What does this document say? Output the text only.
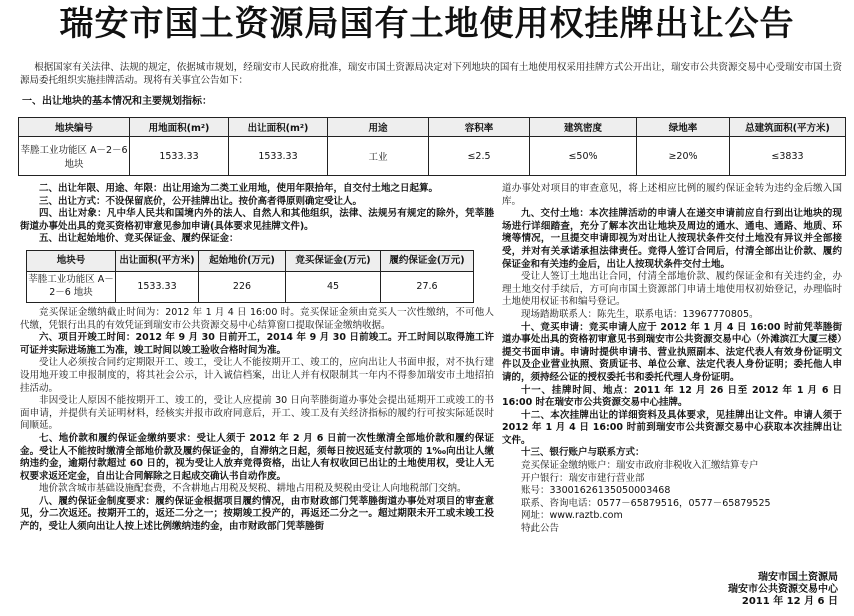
瑞安市国土资源局国有土地使用权挂牌出让公告
根据国家有关法律、法规的规定，依据城市规划，经瑞安市人民政府批准，瑞安市国土资源局决定对下列地块的国有土地使用权采用挂牌方式公开出让，瑞安市公共资源交易中心受瑞安市国土资源局委托组织实施挂牌活动。现将有关事宜公告如下：
一、出让地块的基本情况和主要规划指标：
地块编号	用地面积(m²)	出让面积(m²)	用途	容积率	建筑密度	绿地率	总建筑面积(平方米)
莘塍工业功能区 A－2－6 地块	1533.33	1533.33	工业	≤2.5	≤50%	≥20%	≤3833

二、出让年限、用途、年限：出让用途为二类工业用地，使用年限拾年，自交付土地之日起算。

三、出让方式：不设保留底价，公开挂牌出让。按价高者得原则确定受让人。

四、出让对象：凡中华人民共和国境内外的法人、自然人和其他组织，法律、法规另有规定的除外，凭莘塍街道办事处出具的竞买资格初审意见参加申请(具体要求见挂牌文件)。

五、出让起始地价、竞买保证金、履约保证金：

地块号	出让面积(平方米)	起始地价(万元)	竞买保证金(万元)	履约保证金(万元)
莘塍工业功能区 A－2－6 地块	1533.33	226	45	27.6

竞买保证金缴纳截止时间为：2012 年 1 月 4 日 16:00 时。竞买保证金须由竞买人一次性缴纳，不可他人代缴，凭银行出具的有效凭证到瑞安市公共资源交易中心结算窗口提取保证金缴纳收据。

六、项目开竣工时间：2012 年 9 月 30 日前开工，2014 年 9 月 30 日前竣工。开工时间以取得施工许可证并实际进场施工为准，竣工时间以竣工验收合格时间为准。

受让人必须按合同约定期限开工、竣工，受让人不能按期开工、竣工的，应向出让人书面申报，对不执行建设用地开竣工申报制度的，将其社会公示，计入诚信档案，出让人并有权限制其一年内不得参加瑞安市土地招拍挂活动。

非因受让人原因不能按期开工、竣工的，受让人应提前 30 日向莘塍街道办事处会提出延期开工或竣工的书面申请，并提供有关证明材料，经核实并报市政府同意后，开工、竣工及有关经济指标的履约行可按实际延误时间顺延。

七、地价款和履约保证金缴纳要求：受让人须于 2012 年 2 月 6 日前一次性缴清全部地价款和履约保证金。受让人不能按时缴清全部地价款及履约保证金的，自滞纳之日起，须每日按迟延支付款项的 1‰向出让人缴纳违约金，逾期付款超过 60 日的，视为受让人放弃竞得资格，出让人有权收回已出让的土地使用权，受让人无权要求返还定金，自出让合同解除之日起成交确认书自动作废。

地价款含城市基础设施配套费，不含耕地占用税及契税、耕地占用税及契税由受让人向地税部门交纳。

八、履约保证金制度要求：履约保证金根据项目履约情况，由市财政部门凭莘塍街道办事处对项目的审查意见，分二次返还。按期开工的，返还二分之一；按期竣工投产的，再返还二分之一。超过期限未开工或未竣工投产的，受让人须向出让人按上述比例缴纳违约金，由市财政部门凭莘塍街

道办事处对项目的审查意见，将上述相应比例的履约保证金转为违约金后缴入国库。

九、交付土地：本次挂牌活动的申请人在递交申请前应自行到出让地块的现场进行详细踏查，充分了解本次出让地块及周边的通水、通电、通路、地质、环境等情况，一旦提交申请即视为对出让人按现状条件交付土地没有异议并全部接受，并对有关承诺承担法律责任。竞得人签订合同后，付清全部出让价款、履约保证金和有关违约金后，出让人按现状条件交付土地。

受让人签订土地出让合同，付清全部地价款、履约保证金和有关违约金，办理土地交付手续后，方可向市国土资源部门申请土地使用权初始登记，办理临时土地使用权证书和编号登记。

现场踏勘联系人：陈先生，联系电话：13967770805。

十、竞买申请：竞买申请人应于 2012 年 1 月 4 日 16:00 时前凭莘塍街道办事处出具的资格初审意见书到瑞安市公共资源交易中心（外滩滨江大厦三楼）提交书面申请。申请时提供申请书、营业执照副本、法定代表人有效身份证明文件以及企业营业执照、资质证书、单位公章、法定代表人身份证明；委托他人申请的，须持经公证的授权委托书和委托代理人身份证明。

十一、挂牌时间、地点：2011 年 12 月 26 日至 2012 年 1 月 6 日 16:00 时在瑞安市公共资源交易中心挂牌。

十二、本次挂牌出让的详细资料及具体要求，见挂牌出让文件。申请人须于 2012 年 1 月 4 日 16:00 时前到瑞安市公共资源交易中心获取本次挂牌出让文件。

十三、银行账户与联系方式：

竞买保证金缴纳账户：瑞安市政府非税收入汇缴结算专户

开户银行：瑞安市建行营业部

账号：33001626135050003468

联系、咨询电话：0577－65879516，0577－65879525

网址：www.raztb.com

特此公告

瑞安市国土资源局
瑞安市公共资源交易中心
2011 年 12 月 6 日
